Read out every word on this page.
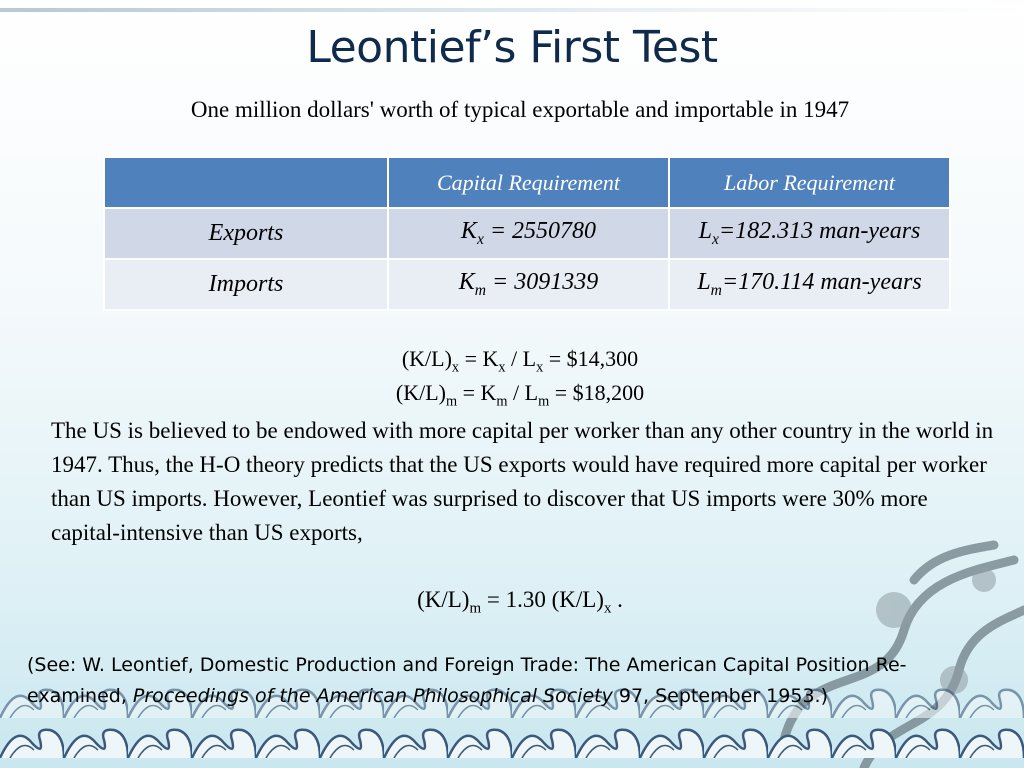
Leontief’s First Test
One million dollars' worth of typical exportable and importable in 1947
	Capital Requirement	Labor Requirement
Exports	$K_x = 2550780$	$L_x=182.313$ man-years
Imports	$K_m = 3091339$	$L_m=170.114$ man-years
$(K/L)_x = K_x / L_x$ = $14,300
$(K/L)_m = K_m / L_m$ = $18,200
The US is believed to be endowed with more capital per worker than any other country in the world in 1947. Thus, the H-O theory predicts that the US exports would have required more capital per worker than US imports. However, Leontief was surprised to discover that US imports were 30% more capital-intensive than US exports,
$(K/L)_m = 1.30$ $(K/L)_x$ .
(See: W. Leontief, Domestic Production and Foreign Trade: The American Capital Position Re-examined, Proceedings of the American Philosophical Society 97, September 1953.)
